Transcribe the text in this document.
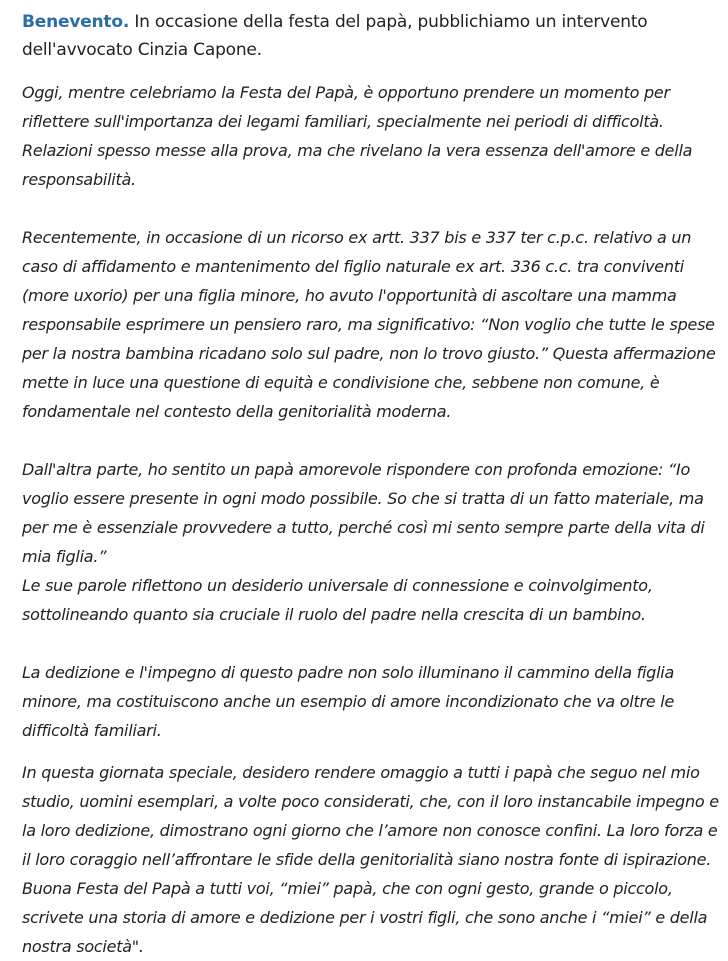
Benevento. In occasione della festa del papà, pubblichiamo un intervento dell'avvocato Cinzia Capone.

Oggi, mentre celebriamo la Festa del Papà, è opportuno prendere un momento per riflettere sull'importanza dei legami familiari, specialmente nei periodi di difficoltà.

Relazioni spesso messe alla prova, ma che rivelano la vera essenza dell'amore e della responsabilità.

Recentemente, in occasione di un ricorso ex artt. 337 bis e 337 ter c.p.c. relativo a un caso di affidamento e mantenimento del figlio naturale ex art. 336 c.c. tra conviventi (more uxorio) per una figlia minore, ho avuto l'opportunità di ascoltare una mamma responsabile esprimere un pensiero raro, ma significativo: “Non voglio che tutte le spese per la nostra bambina ricadano solo sul padre, non lo trovo giusto.” Questa affermazione mette in luce una questione di equità e condivisione che, sebbene non comune, è fondamentale nel contesto della genitorialità moderna.

Dall'altra parte, ho sentito un papà amorevole rispondere con profonda emozione: “Io voglio essere presente in ogni modo possibile. So che si tratta di un fatto materiale, ma per me è essenziale provvedere a tutto, perché così mi sento sempre parte della vita di mia figlia.”

Le sue parole riflettono un desiderio universale di connessione e coinvolgimento, sottolineando quanto sia cruciale il ruolo del padre nella crescita di un bambino.

La dedizione e l'impegno di questo padre non solo illuminano il cammino della figlia minore, ma costituiscono anche un esempio di amore incondizionato che va oltre le difficoltà familiari.

In questa giornata speciale, desidero rendere omaggio a tutti i papà che seguo nel mio studio, uomini esemplari, a volte poco considerati, che, con il loro instancabile impegno e la loro dedizione, dimostrano ogni giorno che l’amore non conosce confini. La loro forza e il loro coraggio nell’affrontare le sfide della genitorialità siano nostra fonte di ispirazione.

Buona Festa del Papà a tutti voi, “miei” papà, che con ogni gesto, grande o piccolo, scrivete una storia di amore e dedizione per i vostri figli, che sono anche i “miei” e della nostra società".
